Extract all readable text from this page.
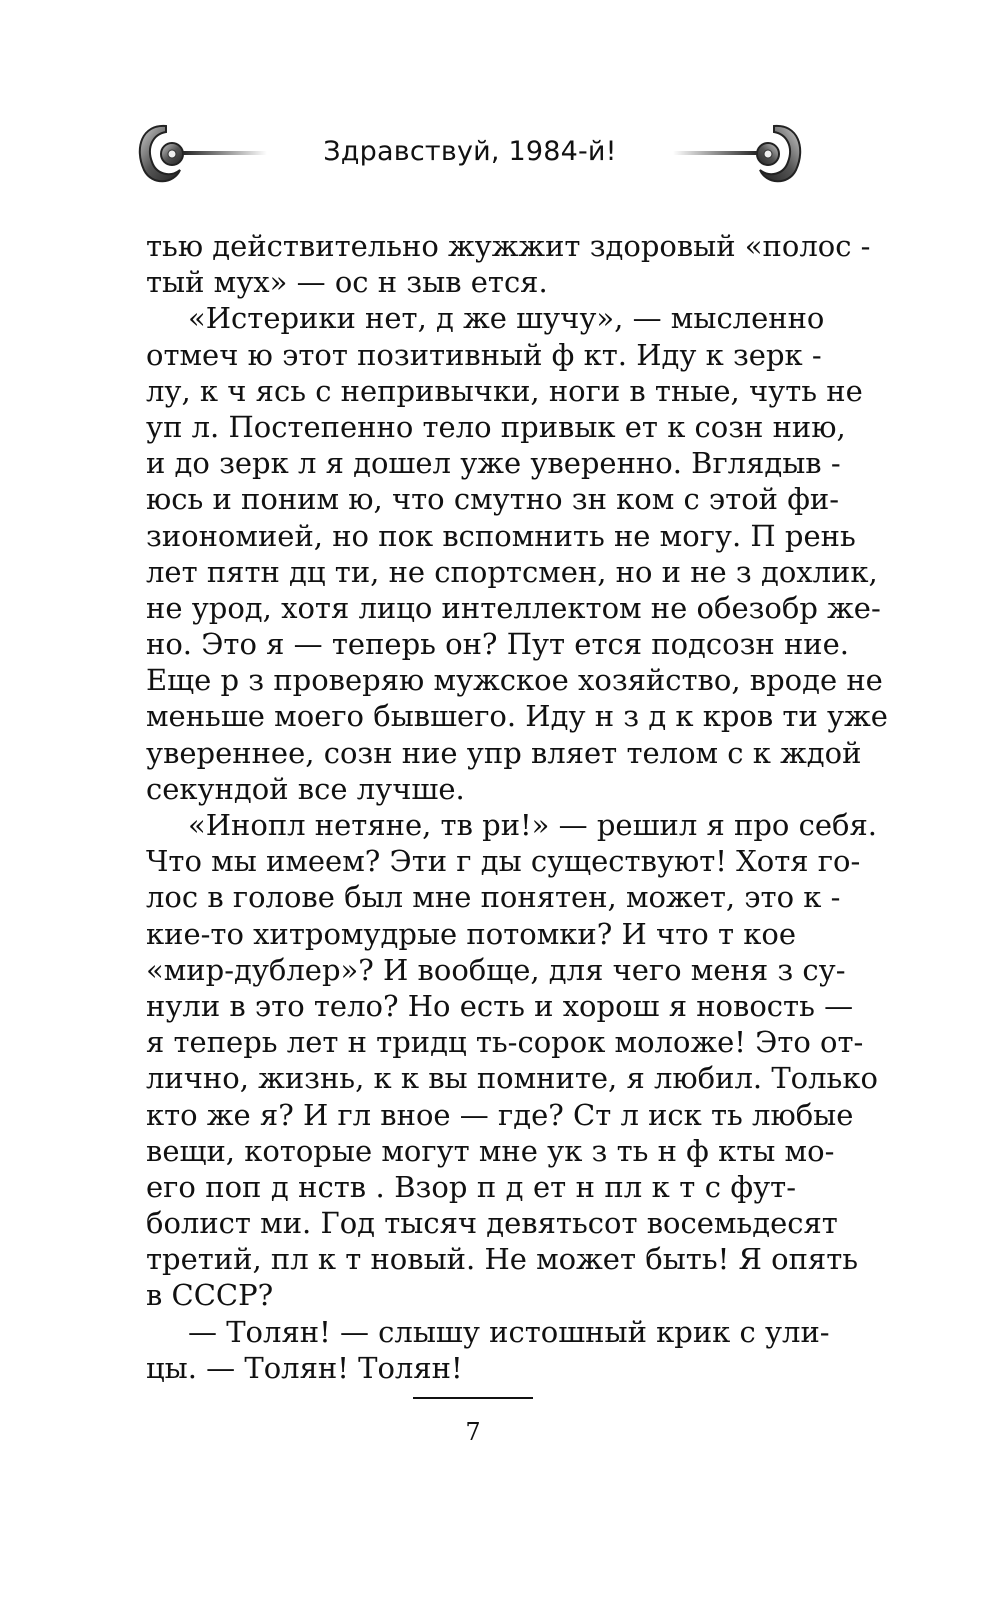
Здравствуй, 1984-й!
тью действительно жужжит здоровый «полос -
тый мух» — ос н зыв ется.
«Истерики нет, д же шучу», — мысленно
отмеч ю этот позитивный ф кт. Иду к зерк -
лу, к ч ясь с непривычки, ноги в тные, чуть не
уп л. Постепенно тело привык ет к созн нию,
и до зерк л я дошел уже уверенно. Вглядыв -
юсь и поним ю, что смутно зн ком с этой фи-
зиономией, но пок вспомнить не могу. П рень
лет пятн дц ти, не спортсмен, но и не з дохлик,
не урод, хотя лицо интеллектом не обезобр же-
но. Это я — теперь он? Пут ется подсозн ние.
Еще р з проверяю мужское хозяйство, вроде не
меньше моего бывшего. Иду н з д к кров ти уже
увереннее, созн ние упр вляет телом с к ждой
секундой все лучше.
«Инопл нетяне, тв ри!» — решил я про себя.
Что мы имеем? Эти г ды существуют! Хотя го-
лос в голове был мне понятен, может, это к -
кие-то хитромудрые потомки? И что т кое
«мир-дублер»? И вообще, для чего меня з су-
нули в это тело? Но есть и хорош я новость —
я теперь лет н тридц ть-сорок моложе! Это от-
лично, жизнь, к к вы помните, я любил. Только
кто же я? И гл вное — где? Ст л иск ть любые
вещи, которые могут мне ук з ть н ф кты мо-
его поп д нств . Взор п д ет н пл к т с фут-
болист ми. Год тысяч девятьсот восемьдесят
третий, пл к т новый. Не может быть! Я опять
в СССР?
— Толян! — слышу истошный крик с ули-
цы. — Толян! Толян!
7
